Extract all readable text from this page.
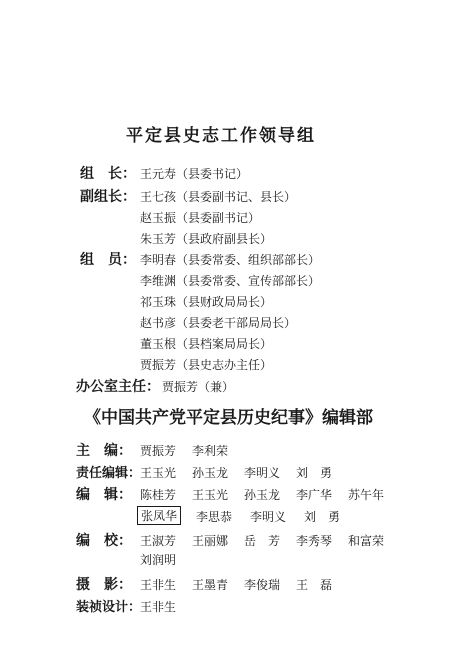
平定县史志工作领导组
组　长： 王元寿（县委书记）
副组长： 王七孩（县委副书记、县长）
赵玉振（县委副书记）
朱玉芳（县政府副县长）
组　员： 李明春（县委常委、组织部部长）
李维渊（县委常委、宣传部部长）
祁玉珠（县财政局局长）
赵书彦（县委老干部局局长）
董玉根（县档案局局长）
贾振芳（县史志办主任）
办公室主任： 贾振芳（兼）
《中国共产党平定县历史纪事》编辑部
主　编： 贾振芳 李利荣
责任编辑：
王玉光 孙玉龙 李明义 刘　勇
编　辑： 陈桂芳 王玉光 孙玉龙 李广华 苏午年
张凤华	李思恭 李明义 刘　勇
编　校： 王淑芳 王丽娜 岳　芳 李秀琴 和富荣
刘润明
摄　影： 王非生 王墨青 李俊瑞 王　磊
装祯设计：
王非生
